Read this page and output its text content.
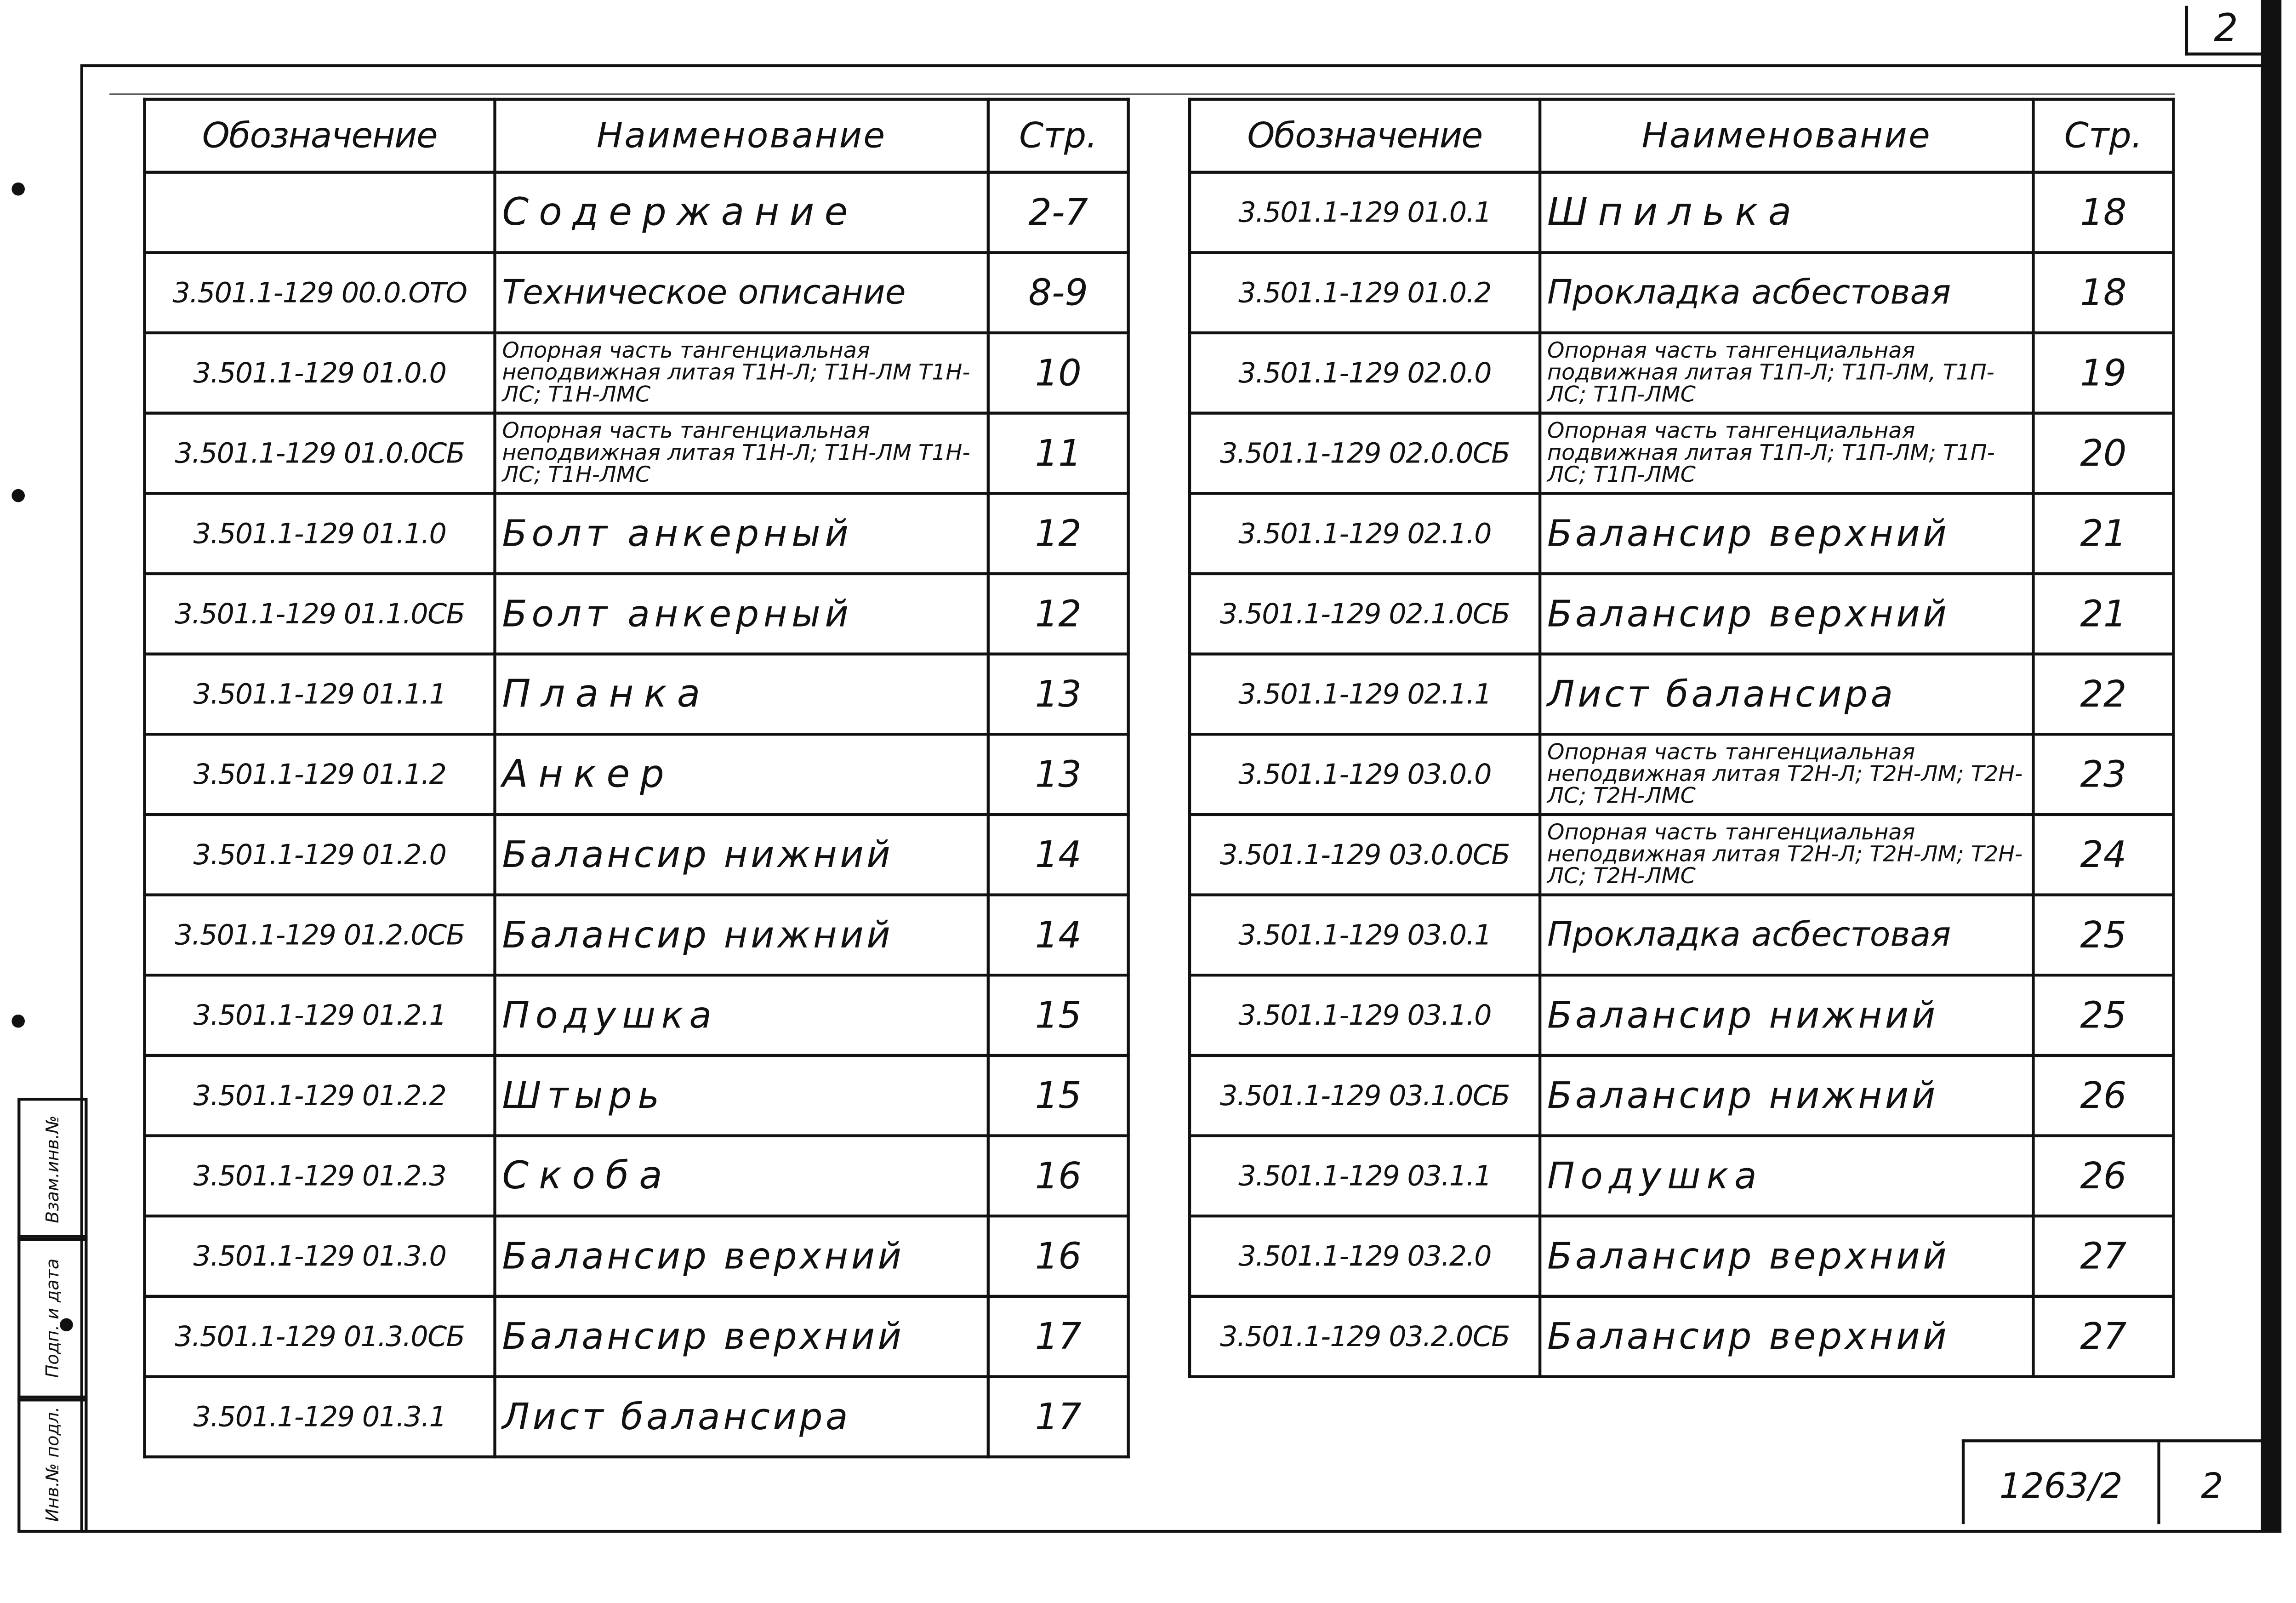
2
Обозначение	Наименование	Стр.
	Содержание	2-7
3.501.1-129 00.0.ОТО	Техническое описание	8-9
3.501.1-129 01.0.0	Опорная часть тангенциальная неподвижная литая Т1Н-Л; Т1Н-ЛМ Т1Н-ЛС; Т1Н-ЛМС	10
3.501.1-129 01.0.0СБ	Опорная часть тангенциальная неподвижная литая Т1Н-Л; Т1Н-ЛМ Т1Н-ЛС; Т1Н-ЛМС	11
3.501.1-129 01.1.0	Болт анкерный	12
3.501.1-129 01.1.0СБ	Болт анкерный	12
3.501.1-129 01.1.1	Планка	13
3.501.1-129 01.1.2	Анкер	13
3.501.1-129 01.2.0	Балансир нижний	14
3.501.1-129 01.2.0СБ	Балансир нижний	14
3.501.1-129 01.2.1	Подушка	15
3.501.1-129 01.2.2	Штырь	15
3.501.1-129 01.2.3	Скоба	16
3.501.1-129 01.3.0	Балансир верхний	16
3.501.1-129 01.3.0СБ	Балансир верхний	17
3.501.1-129 01.3.1	Лист балансира	17
Обозначение	Наименование	Стр.
3.501.1-129 01.0.1	Шпилька	18
3.501.1-129 01.0.2	Прокладка асбестовая	18
3.501.1-129 02.0.0	Опорная часть тангенциальная подвижная литая Т1П-Л; Т1П-ЛМ, Т1П-ЛС; Т1П-ЛМС	19
3.501.1-129 02.0.0СБ	Опорная часть тангенциальная подвижная литая Т1П-Л; Т1П-ЛМ; Т1П-ЛС; Т1П-ЛМС	20
3.501.1-129 02.1.0	Балансир верхний	21
3.501.1-129 02.1.0СБ	Балансир верхний	21
3.501.1-129 02.1.1	Лист балансира	22
3.501.1-129 03.0.0	Опорная часть тангенциальная неподвижная литая Т2Н-Л; Т2Н-ЛМ; Т2Н-ЛС; Т2Н-ЛМС	23
3.501.1-129 03.0.0СБ	Опорная часть тангенциальная неподвижная литая Т2Н-Л; Т2Н-ЛМ; Т2Н-ЛС; Т2Н-ЛМС	24
3.501.1-129 03.0.1	Прокладка асбестовая	25
3.501.1-129 03.1.0	Балансир нижний	25
3.501.1-129 03.1.0СБ	Балансир нижний	26
3.501.1-129 03.1.1	Подушка	26
3.501.1-129 03.2.0	Балансир верхний	27
3.501.1-129 03.2.0СБ	Балансир верхний	27
Взам.инв.№
Подп. и дата
Инв.№ подл.	1263/2	2
